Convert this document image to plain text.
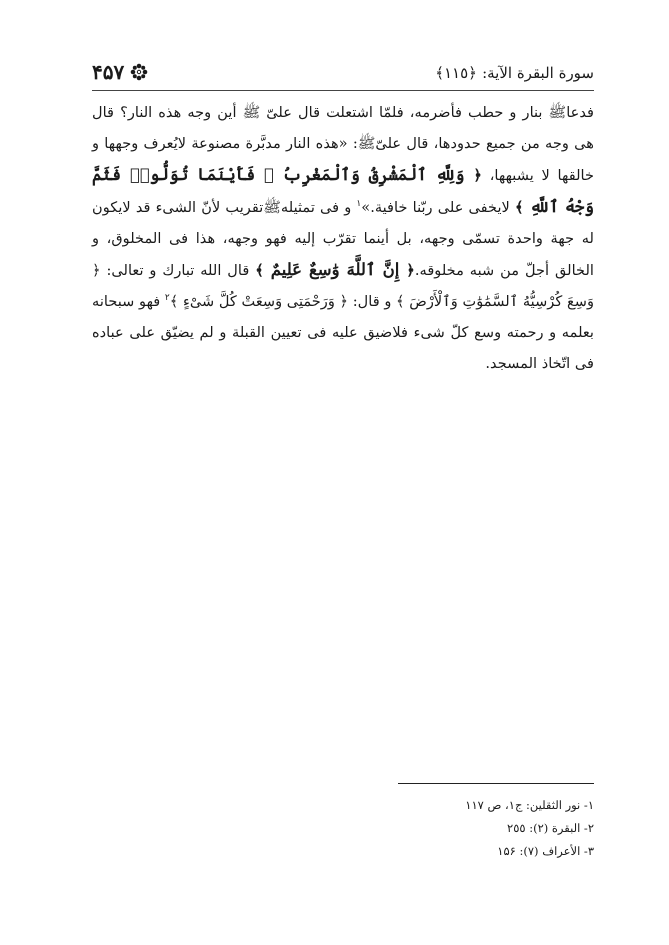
سورة البقرة الآية: ﴿١١٥﴾
۴۵۷

فدعاﷺ بنار و حطب فأضرمه، فلمّا اشتعلت قال علىّ ﷺ أين وجه هذه النار؟ قال هى وجه من جميع حدودها، قال علىّﷺ: «هذه النار مدبَّرة مصنوعة لايُعرف وجهها و خالقها لا يشبهها، ﴿ وَلِلَّهِ ٱلْمَشْرِقُ وَٱلْمَغْرِبُ ۚ فَأَيْنَمَا تُوَلُّوا۟ فَثَمَّ وَجْهُ ٱللَّهِ ﴾ لايخفى على ربّنا خافية.»$^١$ و فى تمثيلهﷺتقريب لأنّ الشىء قد لايكون له جهة واحدة تسمّى وجهه، بل أينما تقرّب إليه فهو وجهه، هذا فى المخلوق، و الخالق أجلّ من شبه مخلوقه.﴿ إِنَّ ٱللَّهَ وَٰسِعٌ عَلِيمٌ ﴾ قال الله تبارك و تعالى: ﴿ وَسِعَ كُرْسِيُّهُ ٱلسَّمَٰوَٰتِ وَٱلْأَرْضَ ﴾ و قال: ﴿ وَرَحْمَتِى وَسِعَتْ كُلَّ شَىْءٍ ﴾$^٢$ فهو سبحانه بعلمه و رحمته وسع كلّ شىء فلاضيق عليه فى تعيين القبلة و لم يضيّق على عباده فى اتّخاذ المسجد.

١- نور الثقلين: ج١، ص ١١٧
٢- البقرة (٢): ٢٥٥
٣- الأعراف (٧): ١۵۶
